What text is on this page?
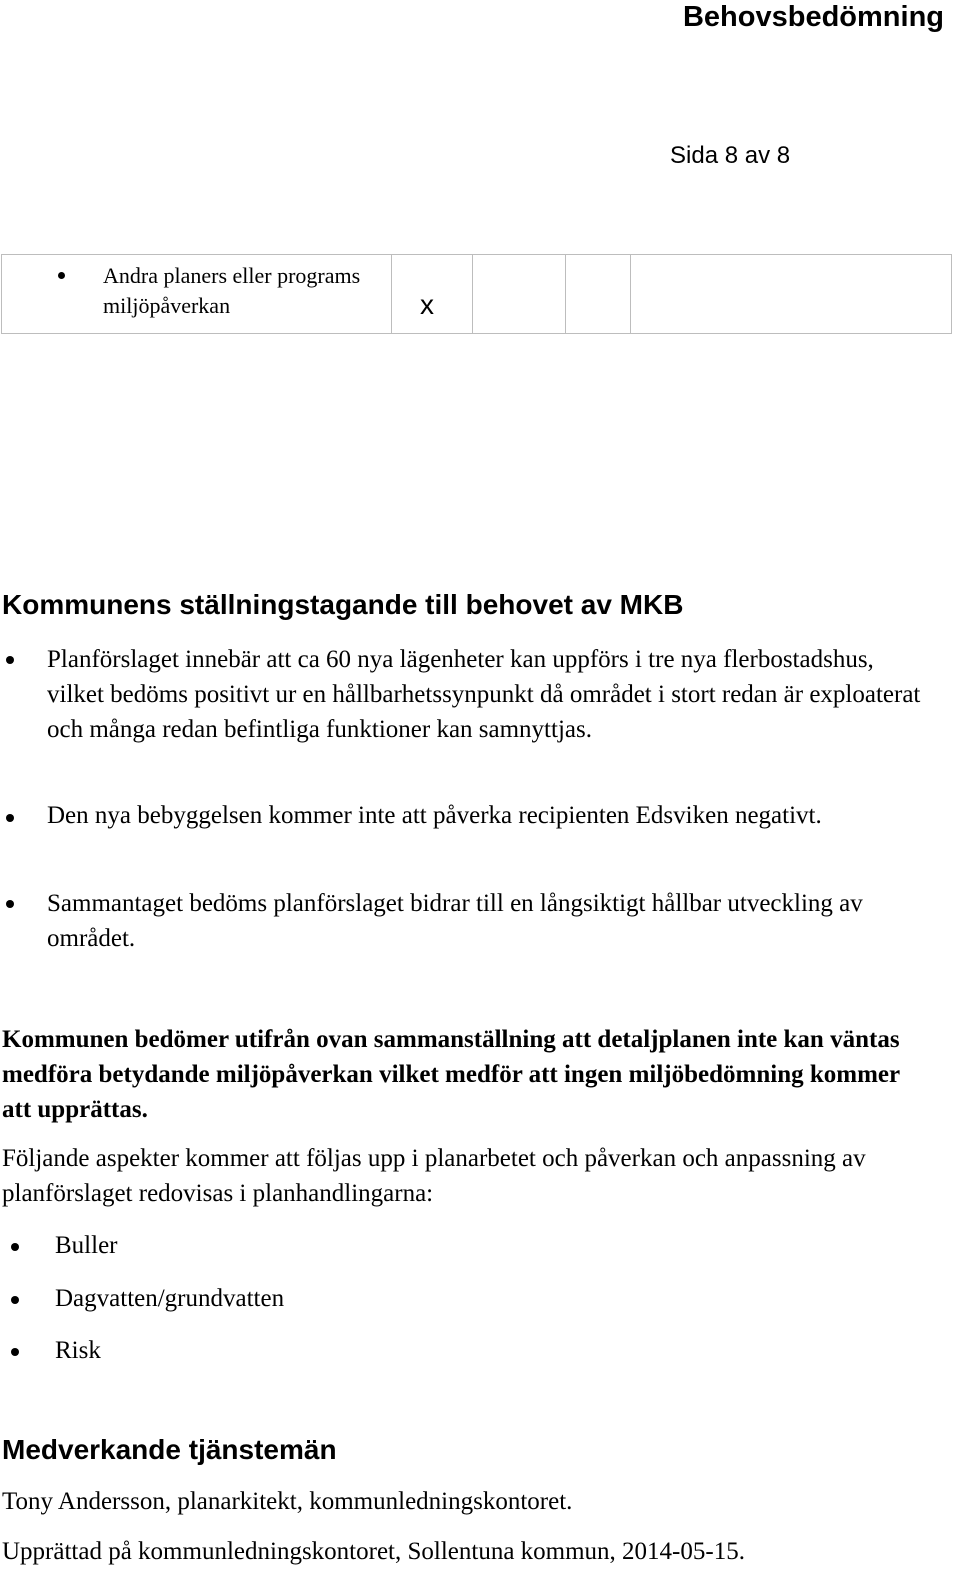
Behovsbedömning
Sida 8 av 8

Andra planers eller programs miljöpåverkan	x
Kommunens ställningstagande till behovet av MKB
Planförslaget innebär att ca 60 nya lägenheter kan uppförs i tre nya flerbostadshus, vilket bedöms positivt ur en hållbarhetssynpunkt då området i stort redan är exploaterat och många redan befintliga funktioner kan samnyttjas.
Den nya bebyggelsen kommer inte att påverka recipienten Edsviken negativt.
Sammantaget bedöms planförslaget bidrar till en långsiktigt hållbar utveckling av området.
Kommunen bedömer utifrån ovan sammanställning att detaljplanen inte kan väntas medföra betydande miljöpåverkan vilket medför att ingen miljöbedömning kommer att upprättas.
Följande aspekter kommer att följas upp i planarbetet och påverkan och anpassning av planförslaget redovisas i planhandlingarna:
Buller
Dagvatten/grundvatten
Risk
Medverkande tjänstemän
Tony Andersson, planarkitekt, kommunledningskontoret.
Upprättad på kommunledningskontoret, Sollentuna kommun, 2014-05-15.
